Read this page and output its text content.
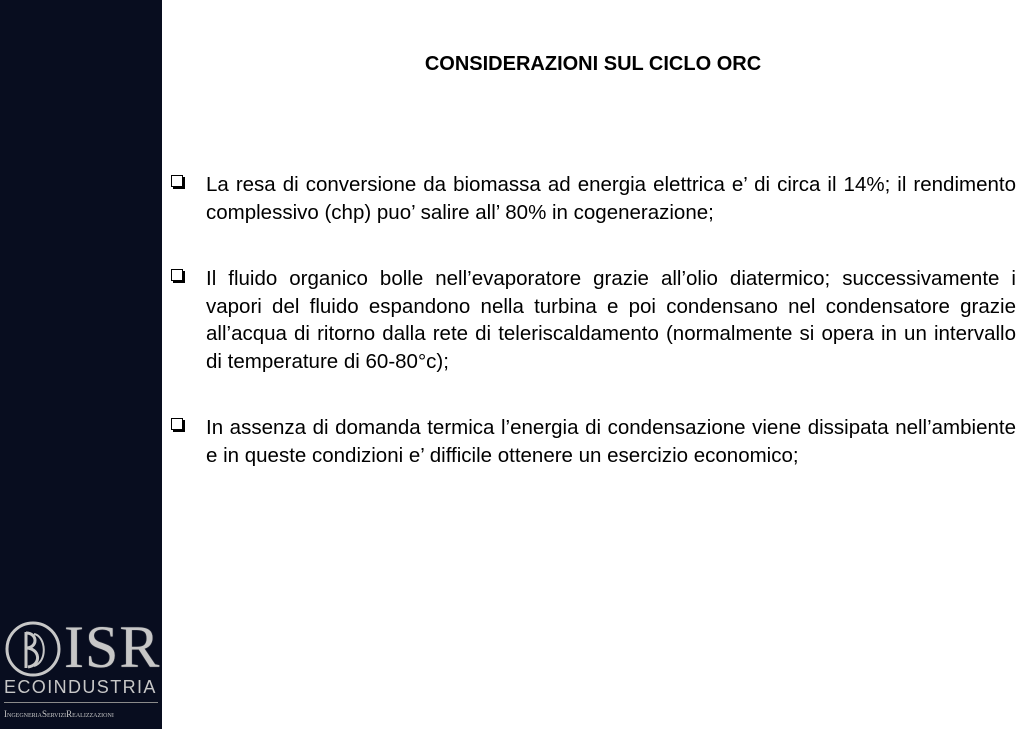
ISR
ECOINDUSTRIA
IngegneriaServiziRealizzazioni
CONSIDERAZIONI SUL CICLO ORC
La resa di conversione da biomassa ad energia elettrica e’ di circa il 14%; il rendimento complessivo (chp) puo’ salire all’ 80% in cogenerazione;
Il fluido organico bolle nell’evaporatore grazie all’olio diatermico; successivamente i vapori del fluido espandono nella turbina e poi condensano nel condensatore grazie all’acqua di ritorno dalla rete di teleriscaldamento (normalmente si opera in un intervallo di temperature di 60-80°c);
In assenza di domanda termica l’energia di condensazione viene dissipata nell’ambiente e in queste condizioni e’ difficile ottenere un esercizio economico;
